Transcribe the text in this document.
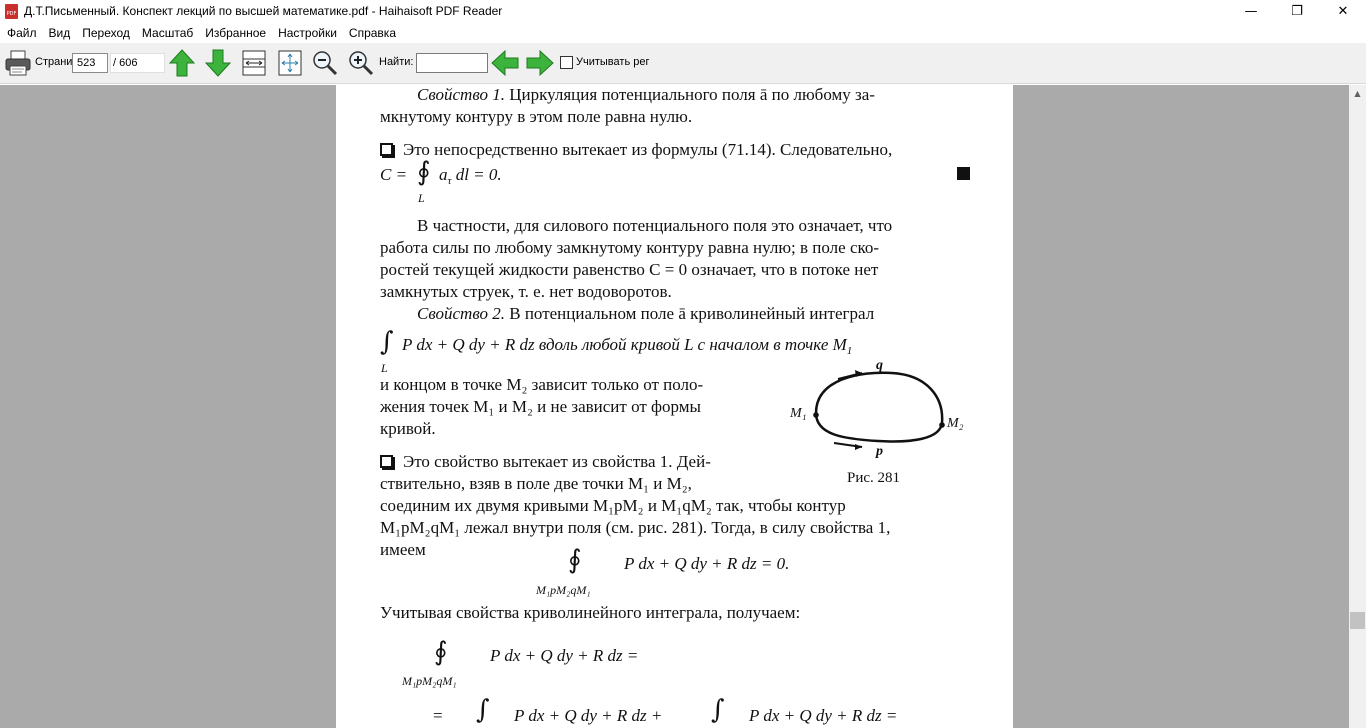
PDF
Д.Т.Письменный. Конспект лекций по высшей математике.pdf - Haihaisoft PDF Reader	—	❐	✕
Файл	Вид	Переход	Масштаб	Избранное	Настройки	Справка
Страни
523	/ 606	Найти:	Учитывать рег
Свойство 1. Циркуляция потенциального поля ā по любому за-
мкнутому контуру в этом поле равна нулю.
Это непосредственно вытекает из формулы (71.14). Следовательно,
C = ∮
L
$a_\tau$ dl = 0.
В частности, для силового потенциального поля это означает, что
работа силы по любому замкнутому контуру равна нулю; в поле ско-
ростей текущей жидкости равенство C = 0 означает, что в потоке нет
замкнутых струек, т. е. нет водоворотов.
Свойство 2. В потенциальном поле ā криволинейный интеграл
∫
L
P dx + Q dy + R dz вдоль любой кривой L с началом в точке $M_1$
и концом в точке M₂ зависит только от поло-
жения точек M₁ и M₂ и не зависит от формы
кривой.
Это свойство вытекает из свойства 1. Дей-
ствительно, взяв в поле две точки M₁ и M₂,
соединим их двумя кривыми M₁pM₂ и M₁qM₂ так, чтобы контур
M₁pM₂qM₁ лежал внутри поля (см. рис. 281). Тогда, в силу свойства 1,
имеем	∮
M₁pM₂qM₁
P dx + Q dy + R dz = 0.
Учитывая свойства криволинейного интеграла, получаем:
∮
M₁pM₂qM₁
P dx + Q dy + R dz =
= ∫ P dx + Q dy + R dz + ∫ P dx + Q dy + R dz =
q
p
M₁
M₂
Рис. 281
▲
